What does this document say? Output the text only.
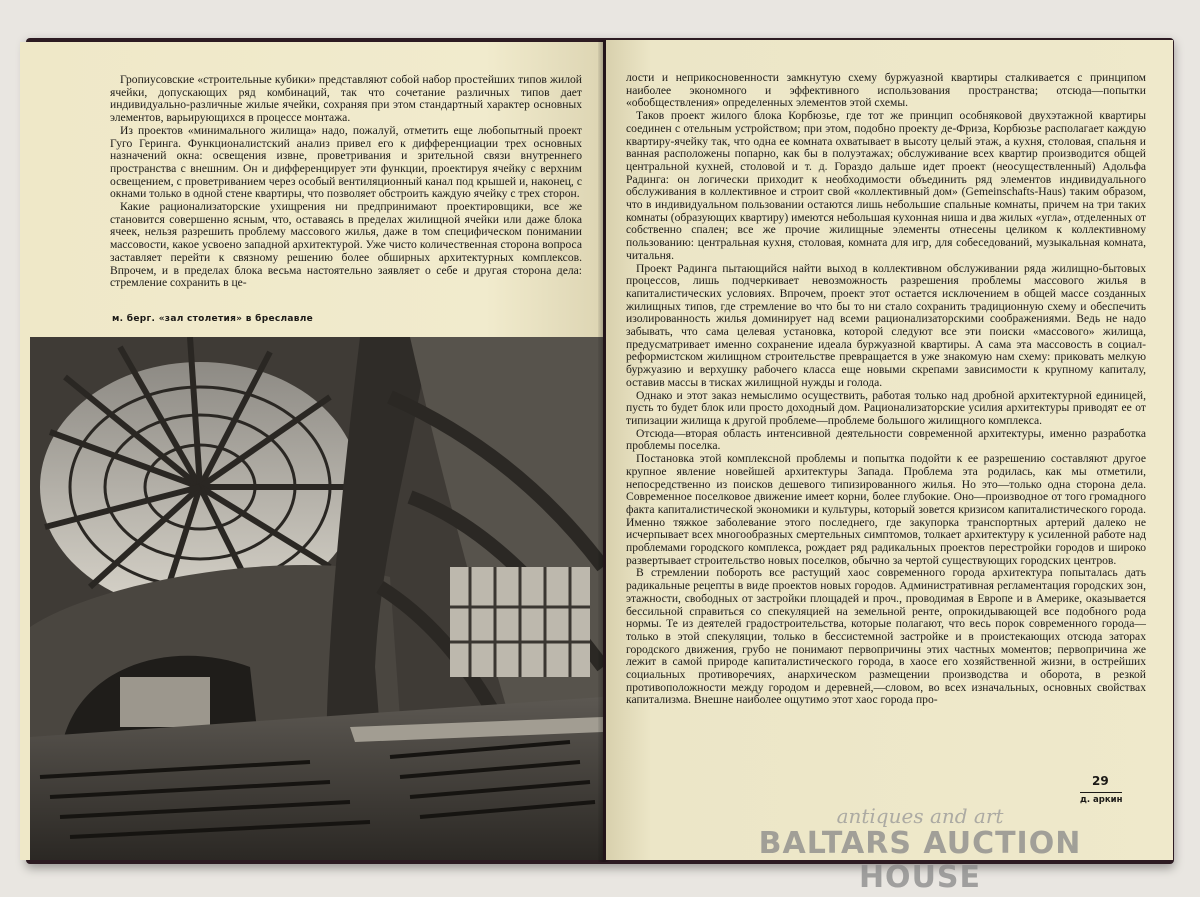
Гропиусовские «строительные кубики» представляют собой набор простейших типов жилой ячейки, допускающих ряд комбинаций, так что сочетание различных типов дает индивидуально-различные жилые ячейки, сохраняя при этом стандартный характер основных элементов, варьирующихся в процессе монтажа.

Из проектов «минимального жилища» надо, пожалуй, отметить еще любопытный проект Гуго Геринга. Функционалистский анализ привел его к дифференциации трех основных назначений окна: освещения извне, проветривания и зрительной связи внутреннего пространства с внешним. Он и дифференцирует эти функции, проектируя ячейку с верхним освещением, с проветриванием через особый вентиляционный канал под крышей и, наконец, с окнами только в одной стене квартиры, что позволяет обстроить каждую ячейку с трех сторон.

Какие рационализаторские ухищрения ни предпринимают проектировщики, все же становится совершенно ясным, что, оставаясь в пределах жилищной ячейки или даже блока ячеек, нельзя разрешить проблему массового жилья, даже в том специфическом понимании массовости, какое усвоено западной архитектурой. Уже чисто количественная сторона вопроса заставляет перейти к связному решению более обширных архитектурных комплексов. Впрочем, и в пределах блока весьма настоятельно заявляет о себе и другая сторона дела: стремление сохранить в це-

м. берг. «зал столетия» в бреславле

лости и неприкосновенности замкнутую схему буржуазной квартиры сталкивается с принципом наиболее экономного и эффективного использования пространства; отсюда—попытки «обобществления» определенных элементов этой схемы.

Таков проект жилого блока Корбюзье, где тот же принцип особняковой двухэтажной квартиры соединен с отельным устройством; при этом, подобно проекту де-Фриза, Корбюзье располагает каждую квартиру-ячейку так, что одна ее комната охватывает в высоту целый этаж, а кухня, столовая, спальня и ванная расположены попарно, как бы в полуэтажах; обслуживание всех квартир производится общей центральной кухней, столовой и т. д. Горaздо дальше идет проект (неосуществленный) Адольфа Радинга: он логически приходит к необходимости объединить ряд элементов индивидуального обслуживания в коллективное и строит свой «коллективный дом» (Gemeinschafts-Haus) таким образом, что в индивидуальном пользовании остаются лишь небольшие спальные комнаты, причем на три таких комнаты (образующих квартиру) имеются небольшая кухонная ниша и два жилых «угла», отделенных от собственно спален; все же прочие жилищные элементы отнесены целиком к коллективному пользованию: центральная кухня, столовая, комната для игр, для собеседований, музыкальная комната, читальня.

Проект Радинга пытающийся найти выход в коллективном обслуживании ряда жилищно-бытовых процессов, лишь подчеркивает невозможность разрешения проблемы массового жилья в капиталистических условиях. Впрочем, проект этот остается исключением в общей массе созданных жилищных типов, где стремление во что бы то ни стало сохранить традиционную схему и обеспечить изолированность жилья доминирует над всеми рационализаторскими соображениями. Ведь не надо забывать, что сама целевая установка, которой следуют все эти поиски «массового» жилища, предусматривает именно сохранение идеала буржуазной квартиры. А сама эта массовость в социал-реформистском жилищном строительстве превращается в уже знакомую нам схему: приковать мелкую буржуазию и верхушку рабочего класса еще новыми скрепами зависимости к крупному капиталу, оставив массы в тисках жилищной нужды и голода.

Однако и этот заказ немыслимо осуществить, работая только над дробной архитектурной единицей, пусть то будет блок или просто доходный дом. Рационализаторские усилия архитектуры приводят ее от типизации жилища к другой проблеме—проблеме большого жилищного комплекса.

Отсюда—вторая область интенсивной деятельности современной архитектуры, именно разработка проблемы поселка.

Постановка этой комплексной проблемы и попытка подойти к ее разрешению составляют другое крупное явление новейшей архитектуры Запада. Проблема эта родилась, как мы отметили, непосредственно из поисков дешевого типизированного жилья. Но это—только одна сторона дела. Современное поселковое движение имеет корни, более глубокие. Оно—производное от того громадного факта капиталистической экономики и культуры, который зовется кризисом капиталистического города. Именно тяжкое заболевание этого последнего, где закупорка транспортных артерий далеко не исчерпывает всех многообразных смертельных симптомов, толкает архитектуру к усиленной работе над проблемами городского комплекса, рождает ряд радикальных проектов перестройки городов и широко развертывает строительство новых поселков, обычно за чертой существующих городских центров.

В стремлении побороть все растущий хаос современного города архитектура попыталась дать радикальные рецепты в виде проектов новых городов. Административная регламентация городских зон, этажности, свободных от застройки площадей и проч., проводимая в Европе и в Америке, оказывается бессильной справиться со спекуляцией на земельной ренте, опрокидывающей все подобного рода нормы. Те из деятелей градостроительства, которые полагают, что весь порок современного города—только в этой спекуляции, только в бессистемной застройке и в проистекающих отсюда заторах городского движения, грубо не понимают первопричины этих частных моментов; первопричина же лежит в самой природе капиталистического города, в хаосе его хозяйственной жизни, в острейших социальных противоречиях, анархическом размещении производства и оборота, в резкой противоположности между городом и деревней,—словом, во всех изначальных, основных свойствах капитализма. Внешне наиболее ощутимо этот хаос города про-

29
д. аркин
antiques and art
BALTARS AUCTION HOUSE
